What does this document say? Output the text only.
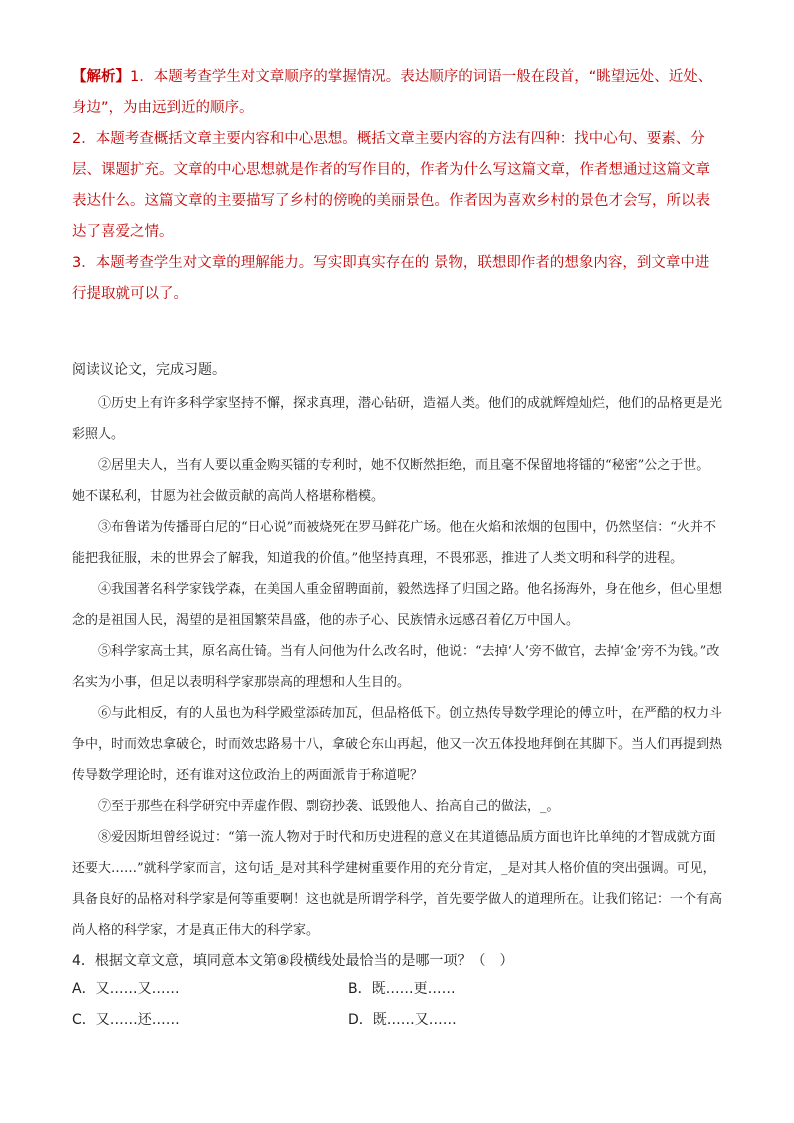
【解析】1．本题考查学生对文章顺序的掌握情况。表达顺序的词语一般在段首，“眺望远处、近处、身边”，为由远到近的顺序。

2．本题考查概括文章主要内容和中心思想。概括文章主要内容的方法有四种：找中心句、要素、分层、课题扩充。文章的中心思想就是作者的写作目的，作者为什么写这篇文章，作者想通过这篇文章表达什么。这篇文章的主要描写了乡村的傍晚的美丽景色。作者因为喜欢乡村的景色才会写，所以表达了喜爱之情。

3．本题考查学生对文章的理解能力。写实即真实存在的 景物，联想即作者的想象内容，到文章中进行提取就可以了。

阅读议论文，完成习题。

①历史上有许多科学家坚持不懈，探求真理，潜心钻研，造福人类。他们的成就辉煌灿烂，他们的品格更是光彩照人。

②居里夫人，当有人要以重金购买镭的专利时，她不仅断然拒绝，而且毫不保留地将镭的“秘密”公之于世。她不谋私利，甘愿为社会做贡献的高尚人格堪称楷模。

③布鲁诺为传播哥白尼的“日心说”而被烧死在罗马鲜花广场。他在火焰和浓烟的包围中，仍然坚信：“火并不能把我征服，未的世界会了解我，知道我的价值。”他坚持真理，不畏邪恶，推进了人类文明和科学的进程。

④我国著名科学家钱学森，在美国人重金留聘面前，毅然选择了归国之路。他名扬海外，身在他乡，但心里想念的是祖国人民，渴望的是祖国繁荣昌盛，他的赤子心、民族情永远感召着亿万中国人。

⑤科学家高士其，原名高仕锜。当有人问他为什么改名时，他说：“去掉‘人’旁不做官，去掉‘金’旁不为钱。”改名实为小事，但足以表明科学家那崇高的理想和人生目的。

⑥与此相反，有的人虽也为科学殿堂添砖加瓦，但品格低下。创立热传导数学理论的傅立叶，在严酷的权力斗争中，时而效忠拿破仑，时而效忠路易十八，拿破仑东山再起，他又一次五体投地拜倒在其脚下。当人们再提到热传导数学理论时，还有谁对这位政治上的两面派肯于称道呢？

⑦至于那些在科学研究中弄虚作假、剽窃抄袭、诋毁他人、抬高自己的做法，_。

⑧爱因斯坦曾经说过：“第一流人物对于时代和历史进程的意义在其道德品质方面也许比单纯的才智成就方面还要大……”就科学家而言，这句话_是对其科学建树重要作用的充分肯定，_是对其人格价值的突出强调。可见，具备良好的品格对科学家是何等重要啊！这也就是所谓学科学，首先要学做人的道理所在。让我们铭记：一个有高尚人格的科学家，才是真正伟大的科学家。

4．根据文章文意，填同意本文第⑧段横线处最恰当的是哪一项？（　）
A．又……又……	B．既……更……
C．又……还……	D．既……又……
